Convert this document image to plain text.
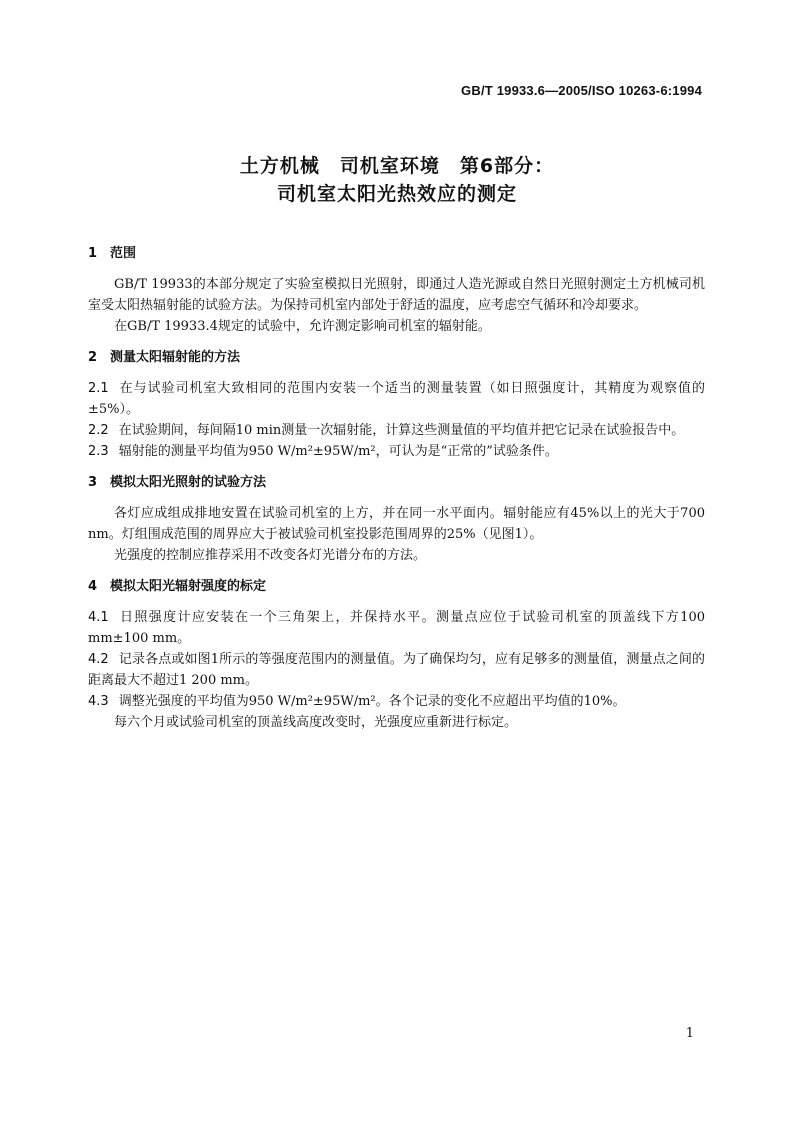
GB/T 19933.6—2005/ISO 10263-6:1994
土方机械　司机室环境　第6部分：
司机室太阳光热效应的测定
1 范围

GB/T 19933的本部分规定了实验室模拟日光照射，即通过人造光源或自然日光照射测定土方机械司机室受太阳热辐射能的试验方法。为保持司机室内部处于舒适的温度，应考虑空气循环和冷却要求。

在GB/T 19933.4规定的试验中，允许测定影响司机室的辐射能。

2 测量太阳辐射能的方法

2.1 在与试验司机室大致相同的范围内安装一个适当的测量装置（如日照强度计，其精度为观察值的±5%）。

2.2 在试验期间，每间隔10 min测量一次辐射能，计算这些测量值的平均值并把它记录在试验报告中。

2.3 辐射能的测量平均值为950 W/m²±95W/m²，可认为是“正常的”试验条件。

3 模拟太阳光照射的试验方法

各灯应成组成排地安置在试验司机室的上方，并在同一水平面内。辐射能应有45%以上的光大于700 nm。灯组围成范围的周界应大于被试验司机室投影范围周界的25%（见图1）。

光强度的控制应推荐采用不改变各灯光谱分布的方法。

4 模拟太阳光辐射强度的标定

4.1 日照强度计应安装在一个三角架上，并保持水平。测量点应位于试验司机室的顶盖线下方100 mm±100 mm。

4.2 记录各点或如图1所示的等强度范围内的测量值。为了确保均匀，应有足够多的测量值，测量点之间的距离最大不超过1 200 mm。

4.3 调整光强度的平均值为950 W/m²±95W/m²。各个记录的变化不应超出平均值的10%。

每六个月或试验司机室的顶盖线高度改变时，光强度应重新进行标定。

1
